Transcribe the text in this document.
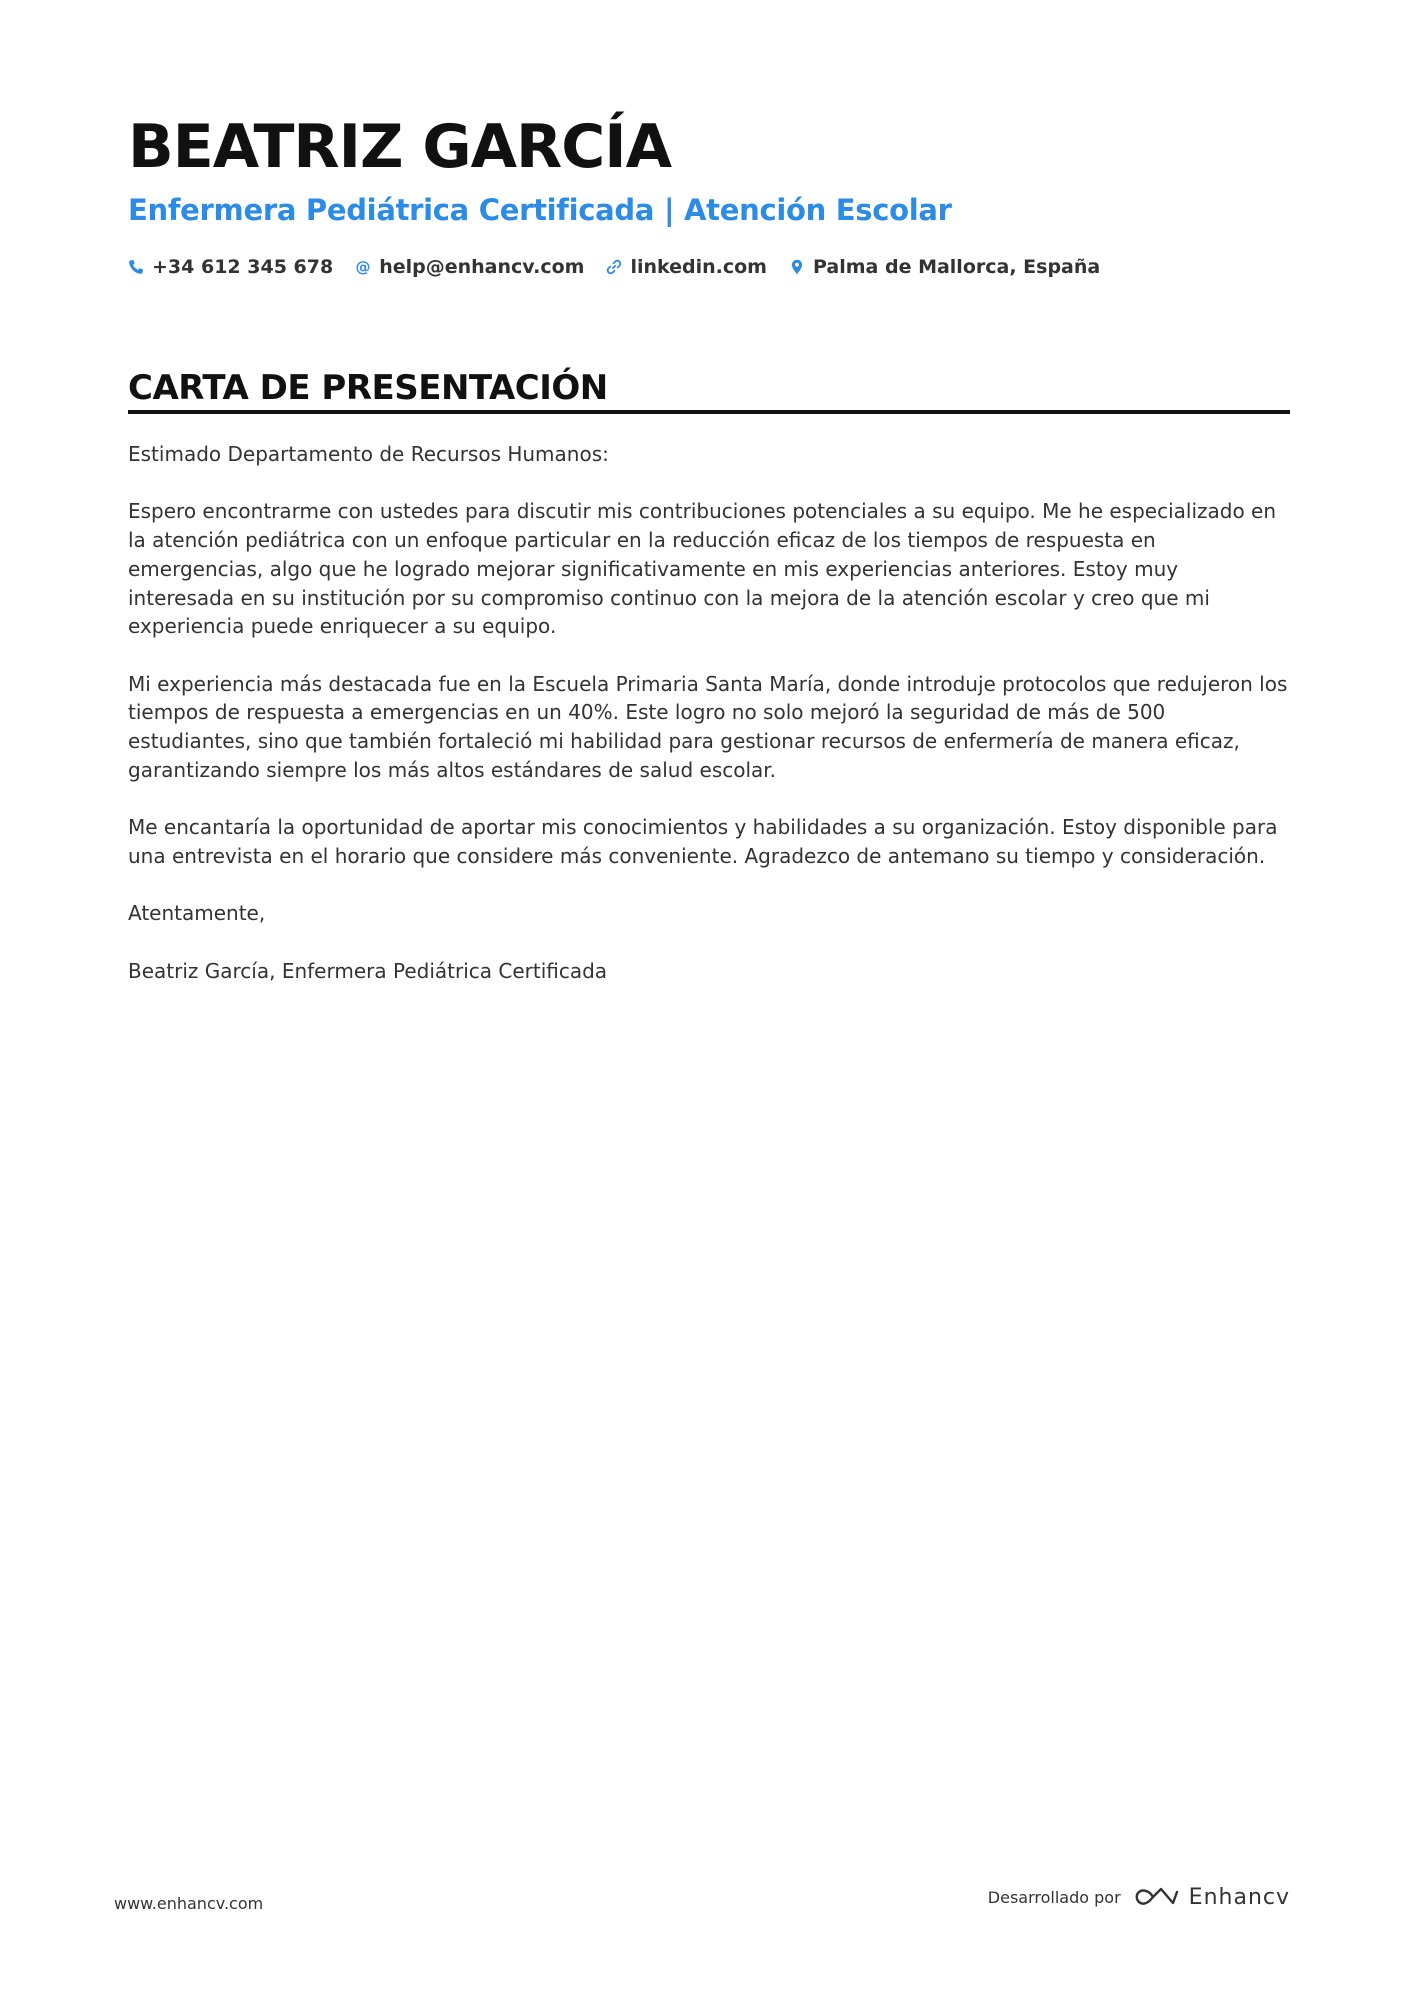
BEATRIZ GARCÍA
Enfermera Pediátrica Certificada | Atención Escolar
+34 612 345 678 @ help@enhancv.com linkedin.com Palma de Mallorca, España
CARTA DE PRESENTACIÓN

Estimado Departamento de Recursos Humanos:

Espero encontrarme con ustedes para discutir mis contribuciones potenciales a su equipo. Me he especializado en la atención pediátrica con un enfoque particular en la reducción eficaz de los tiempos de respuesta en emergencias, algo que he logrado mejorar significativamente en mis experiencias anteriores. Estoy muy interesada en su institución por su compromiso continuo con la mejora de la atención escolar y creo que mi experiencia puede enriquecer a su equipo.

Mi experiencia más destacada fue en la Escuela Primaria Santa María, donde introduje protocolos que redujeron los tiempos de respuesta a emergencias en un 40%. Este logro no solo mejoró la seguridad de más de 500 estudiantes, sino que también fortaleció mi habilidad para gestionar recursos de enfermería de manera eficaz, garantizando siempre los más altos estándares de salud escolar.

Me encantaría la oportunidad de aportar mis conocimientos y habilidades a su organización. Estoy disponible para una entrevista en el horario que considere más conveniente. Agradezco de antemano su tiempo y consideración.

Atentamente,

Beatriz García, Enfermera Pediátrica Certificada

www.enhancv.com	Desarrollado por	Enhancv
